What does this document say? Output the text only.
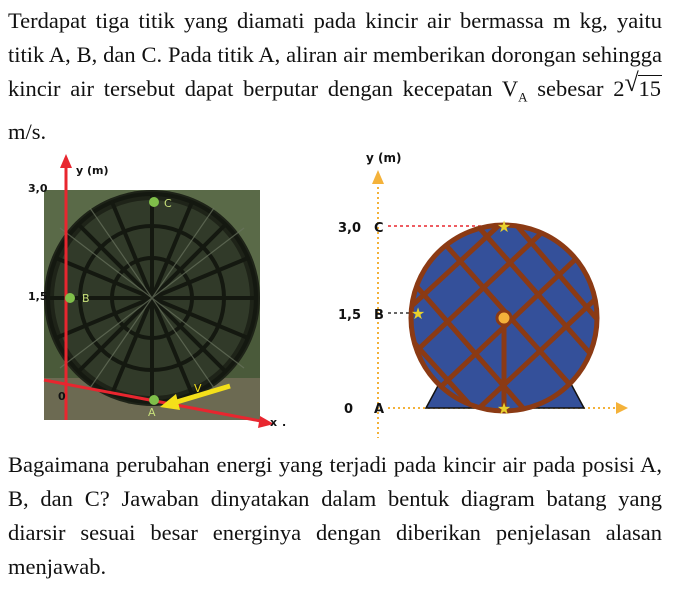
Terdapat tiga titik yang diamati pada kincir air bermassa m kg, yaitu titik A, B, dan C. Pada titik A, aliran air memberikan dorongan sehingga kincir air tersebut dapat berputar dengan kecepatan $V_A$ sebesar 2 √ 15 m/s.

y (m)
x .
3,0
1,5
0
C
B
A
V
y (m)
★
★
★
3,0
1,5
0
C
B
A

Bagaimana perubahan energi yang terjadi pada kincir air pada posisi A, B, dan C? Jawaban dinyatakan dalam bentuk diagram batang yang diarsir sesuai besar energinya dengan diberikan penjelasan alasan menjawab.
